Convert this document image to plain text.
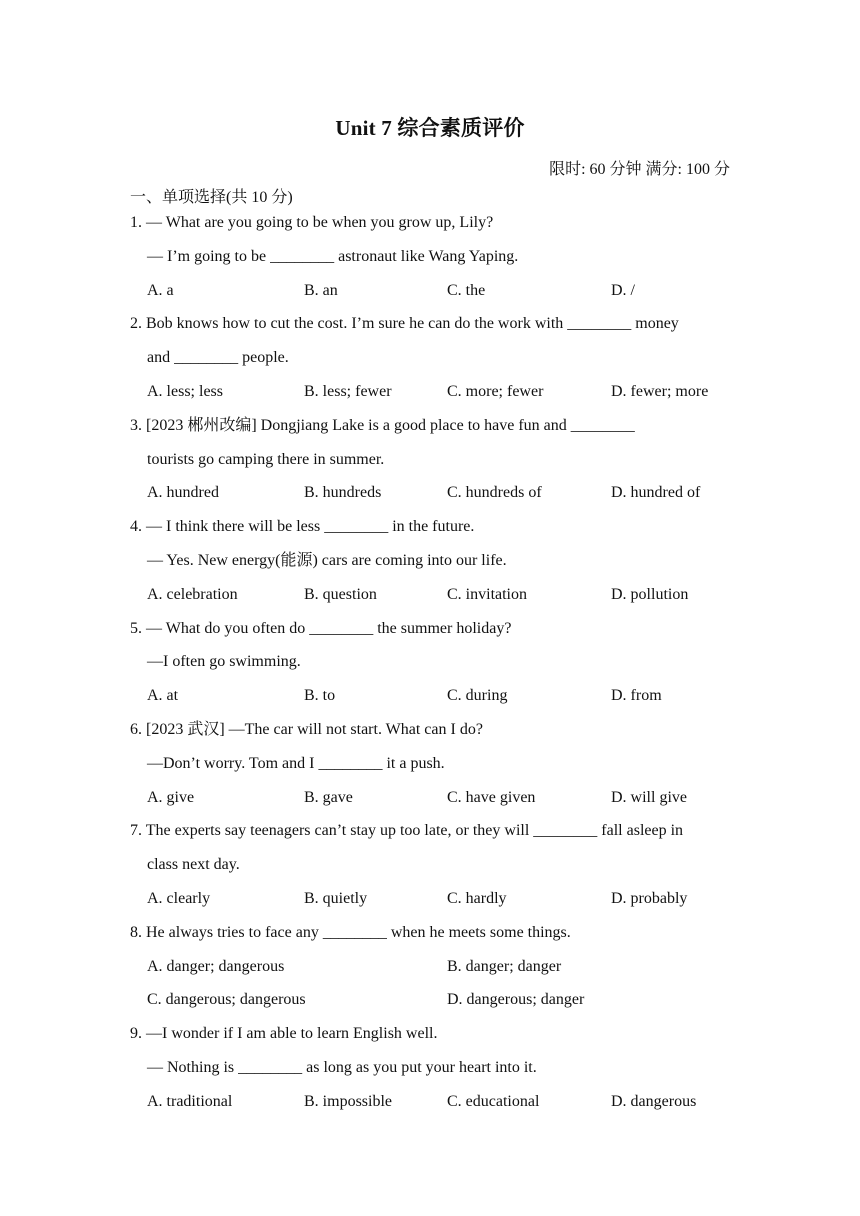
Unit 7 综合素质评价
限时: 60 分钟 满分: 100 分
一、单项选择(共 10 分)
1. — What are you going to be when you grow up, Lily?
— I’m going to be ________ astronaut like Wang Yaping.
A. a	B. an	C. the	D. /
2. Bob knows how to cut the cost. I’m sure he can do the work with ________ money
and ________ people.
A. less; less	B. less; fewer	C. more; fewer	D. fewer; more
3. [2023 郴州改编] Dongjiang Lake is a good place to have fun and ________
tourists go camping there in summer.
A. hundred	B. hundreds	C. hundreds of	D. hundred of
4. — I think there will be less ________ in the future.
— Yes. New energy(能源) cars are coming into our life.
A. celebration	B. question	C. invitation	D. pollution
5. — What do you often do ________ the summer holiday?
—I often go swimming.
A. at	B. to	C. during	D. from
6. [2023 武汉] —The car will not start. What can I do?
—Don’t worry. Tom and I ________ it a push.
A. give	B. gave	C. have given	D. will give
7. The experts say teenagers can’t stay up too late, or they will ________ fall asleep in
class next day.
A. clearly	B. quietly	C. hardly	D. probably
8. He always tries to face any ________ when he meets some things.
A. danger; dangerous	B. danger; danger
C. dangerous; dangerous	D. dangerous; danger
9. —I wonder if I am able to learn English well.
— Nothing is ________ as long as you put your heart into it.
A. traditional	B. impossible	C. educational	D. dangerous
